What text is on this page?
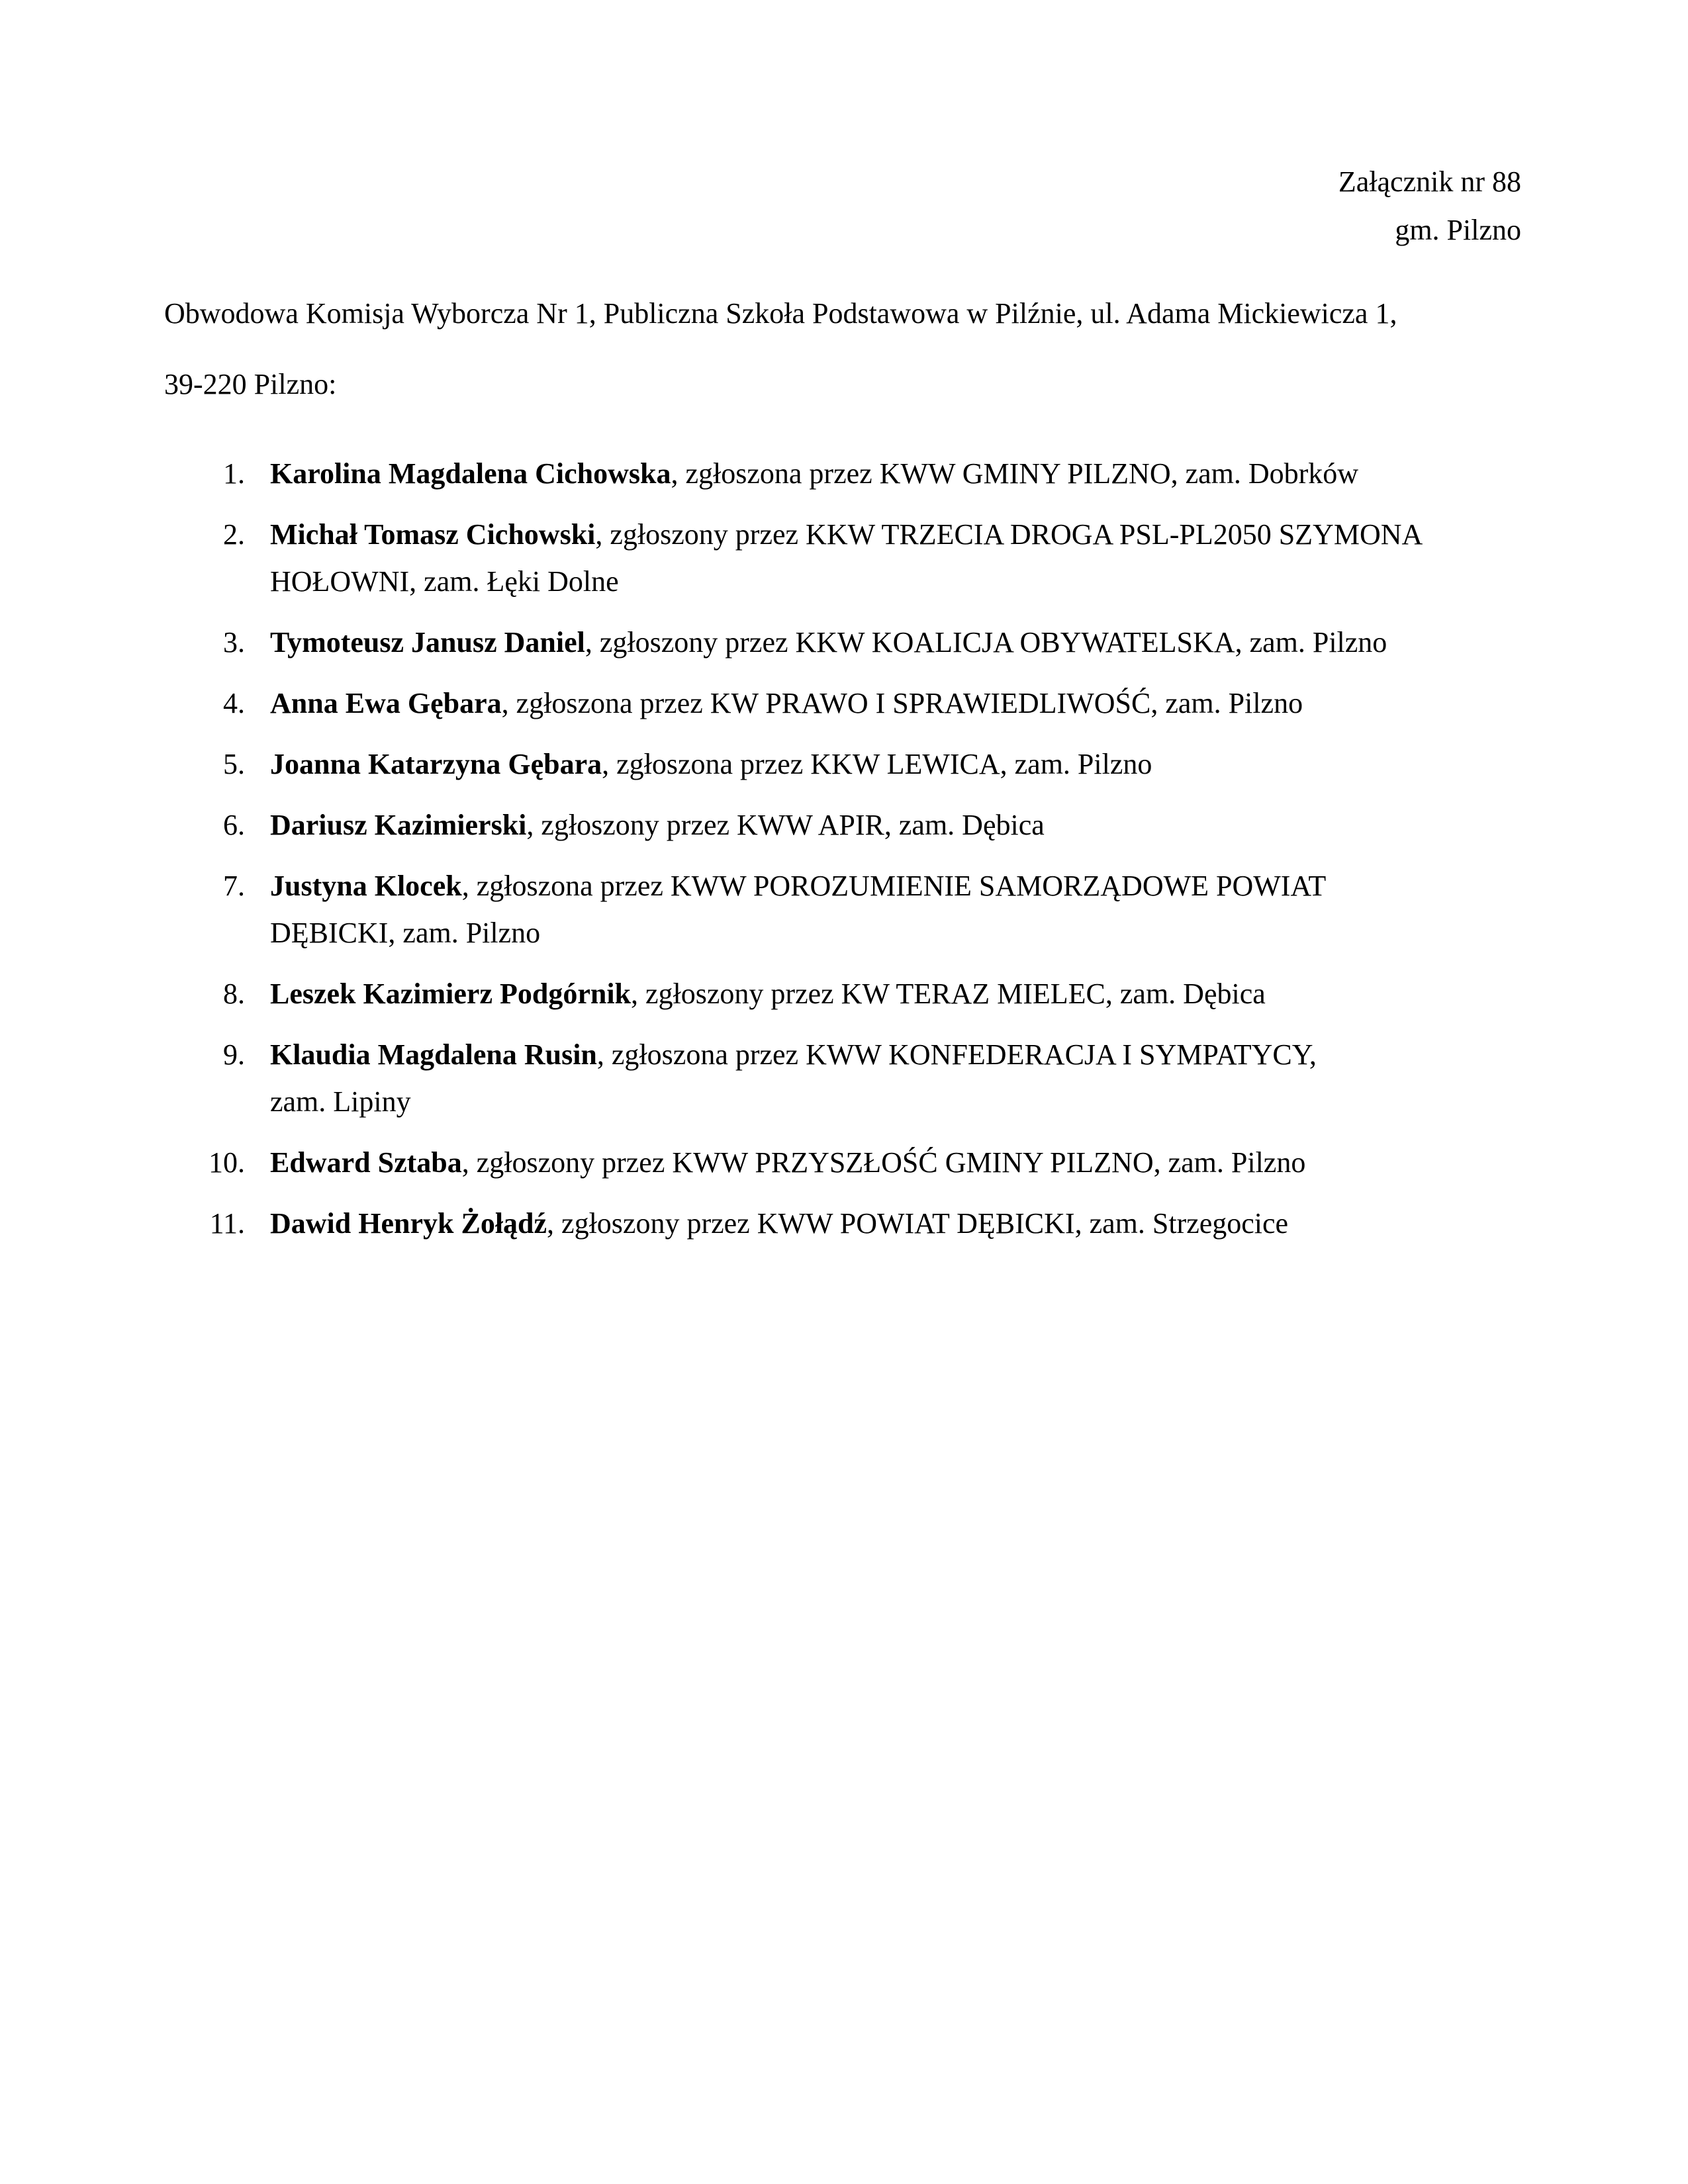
Załącznik nr 88
gm. Pilzno
Obwodowa Komisja Wyborcza Nr 1, Publiczna Szkoła Podstawowa w Pilźnie, ul. Adama Mickiewicza 1,
39-220 Pilzno:
1. Karolina Magdalena Cichowska, zgłoszona przez KWW GMINY PILZNO, zam. Dobrków
2. Michał Tomasz Cichowski, zgłoszony przez KKW TRZECIA DROGA PSL-PL2050 SZYMONA
HOŁOWNI, zam. Łęki Dolne
3. Tymoteusz Janusz Daniel, zgłoszony przez KKW KOALICJA OBYWATELSKA, zam. Pilzno
4. Anna Ewa Gębara, zgłoszona przez KW PRAWO I SPRAWIEDLIWOŚĆ, zam. Pilzno
5. Joanna Katarzyna Gębara, zgłoszona przez KKW LEWICA, zam. Pilzno
6. Dariusz Kazimierski, zgłoszony przez KWW APIR, zam. Dębica
7. Justyna Klocek, zgłoszona przez KWW POROZUMIENIE SAMORZĄDOWE POWIAT
DĘBICKI, zam. Pilzno
8. Leszek Kazimierz Podgórnik, zgłoszony przez KW TERAZ MIELEC, zam. Dębica
9. Klaudia Magdalena Rusin, zgłoszona przez KWW KONFEDERACJA I SYMPATYCY,
zam. Lipiny
10. Edward Sztaba, zgłoszony przez KWW PRZYSZŁOŚĆ GMINY PILZNO, zam. Pilzno
11. Dawid Henryk Żołądź, zgłoszony przez KWW POWIAT DĘBICKI, zam. Strzegocice
